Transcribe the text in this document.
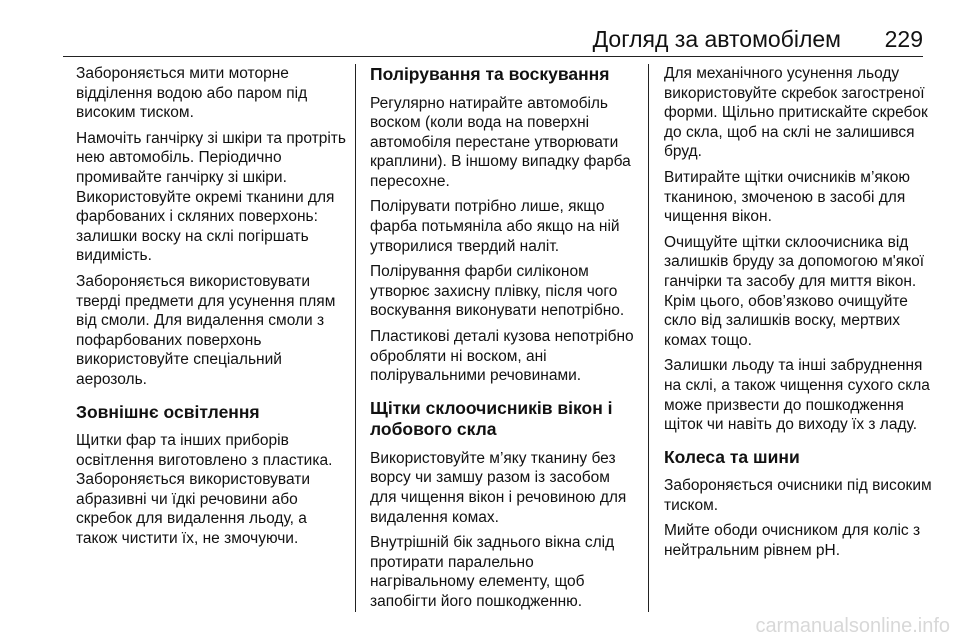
Догляд за автомобілем 229

Забороняється мити моторне відділення водою або паром під високим тиском.

Намочіть ганчірку зі шкіри та протріть нею автомобіль. Періодично промивайте ганчірку зі шкіри. Використовуйте окремі тканини для фарбованих і скляних поверхонь: залишки воску на склі погіршать видимість.

Забороняється використовувати тверді предмети для усунення плям від смоли. Для видалення смоли з пофарбованих поверхонь використовуйте спеціальний аерозоль.

Зовнішнє освітлення

Щитки фар та інших приборів освітлення виготовлено з пластика. Забороняється використовувати абразивні чи їдкі речовини або скребок для видалення льоду, а також чистити їх, не змочуючи.

Полірування та воскування

Регулярно натирайте автомобіль воском (коли вода на поверхні автомобіля перестане утворювати краплини). В іншому випадку фарба пересохне.

Полірувати потрібно лише, якщо фарба потьмяніла або якщо на ній утворилися твердий наліт.

Полірування фарби силіконом утворює захисну плівку, після чого воскування виконувати непотрібно.

Пластикові деталі кузова непотрібно обробляти ні воском, ані полірувальними речовинами.

Щітки склоочисників вікон і лобового скла

Використовуйте м’яку тканину без ворсу чи замшу разом із засобом для чищення вікон і речовиною для видалення комах.

Внутрішній бік заднього вікна слід протирати паралельно нагрівальному елементу, щоб запобігти його пошкодженню.

Для механічного усунення льоду використовуйте скребок загостреної форми. Щільно притискайте скребок до скла, щоб на склі не залишився бруд.

Витирайте щітки очисників м’якою тканиною, змоченою в засобі для чищення вікон.

Очищуйте щітки склоочисника від залишків бруду за допомогою м'якої ганчірки та засобу для миття вікон. Крім цього, обов’язково очищуйте скло від залишків воску, мертвих комах тощо.

Залишки льоду та інші забруднення на склі, а також чищення сухого скла може призвести до пошкодження щіток чи навіть до виходу їх з ладу.

Колеса та шини

Забороняється очисники під високим тиском.

Мийте ободи очисником для коліс з нейтральним рівнем pH.

carmanualsonline.info
